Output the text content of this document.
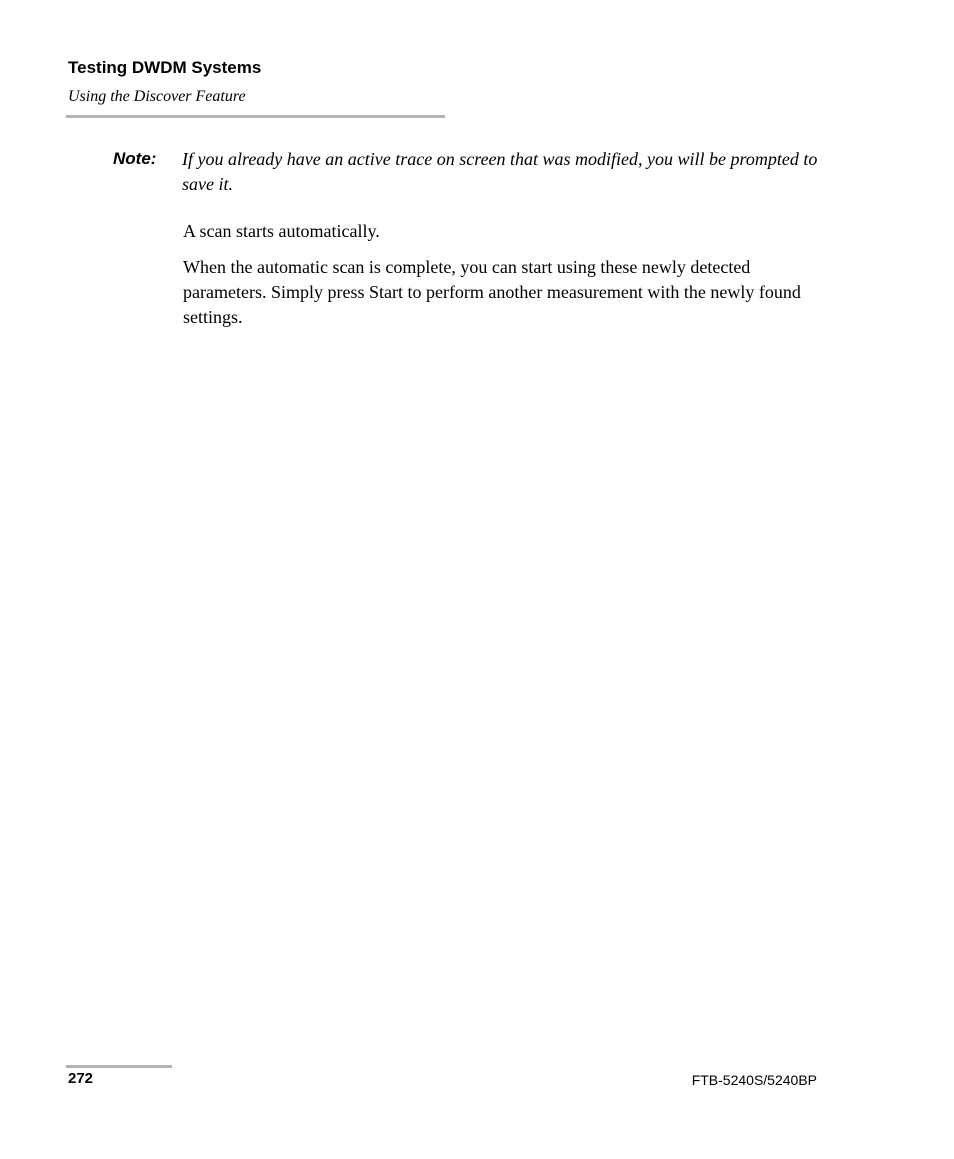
Testing DWDM Systems
Using the Discover Feature
Note: If you already have an active trace on screen that was modified, you will be prompted to save it.

A scan starts automatically.

When the automatic scan is complete, you can start using these newly detected parameters. Simply press Start to perform another measurement with the newly found settings.

272	FTB-5240S/5240BP
